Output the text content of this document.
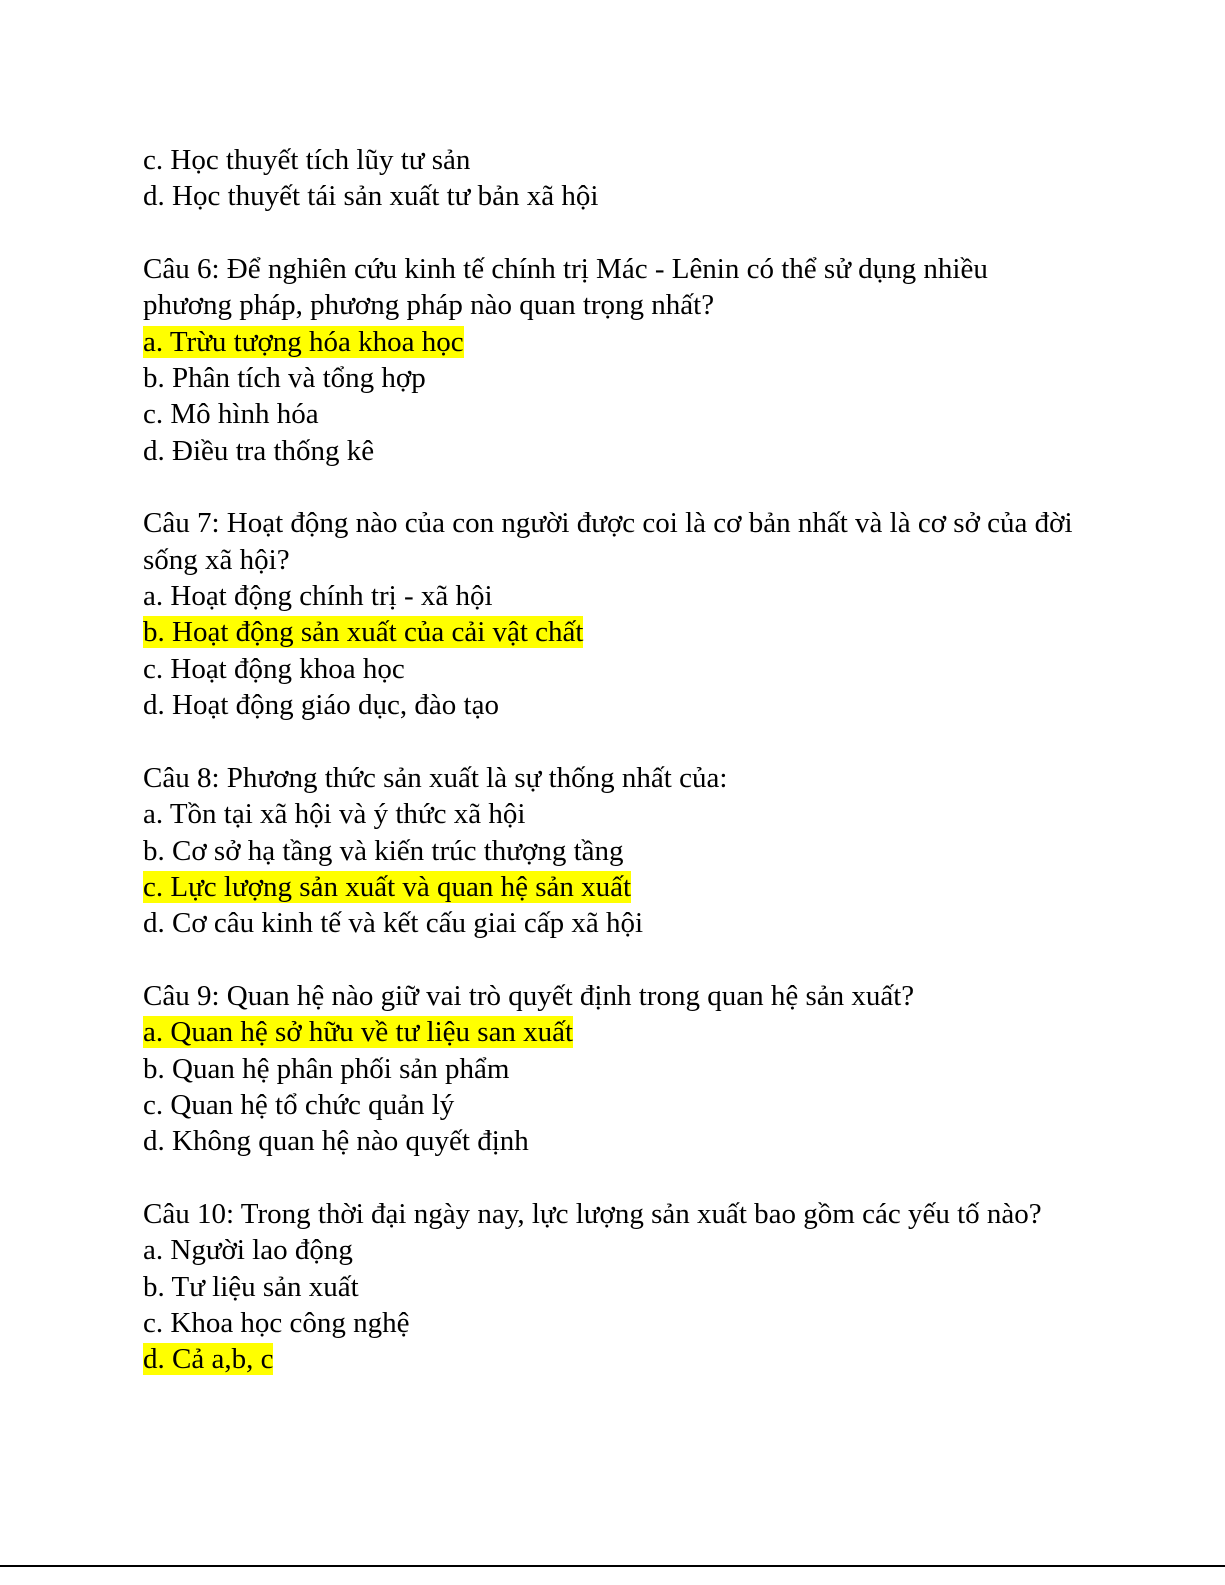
c. Học thuyết tích lũy tư sản
d. Học thuyết tái sản xuất tư bản xã hội
Câu 6: Để nghiên cứu kinh tế chính trị Mác - Lênin có thể sử dụng nhiều phương pháp, phương pháp nào quan trọng nhất?
a. Trừu tượng hóa khoa học
b. Phân tích và tổng hợp
c. Mô hình hóa
d. Điều tra thống kê
Câu 7: Hoạt động nào của con người được coi là cơ bản nhất và là cơ sở của đời sống xã hội?
a. Hoạt động chính trị - xã hội
b. Hoạt động sản xuất của cải vật chất
c. Hoạt động khoa học
d. Hoạt động giáo dục, đào tạo
Câu 8: Phương thức sản xuất là sự thống nhất của:
a. Tồn tại xã hội và ý thức xã hội
b. Cơ sở hạ tầng và kiến trúc thượng tầng
c. Lực lượng sản xuất và quan hệ sản xuất
d. Cơ câu kinh tế và kết cấu giai cấp xã hội
Câu 9: Quan hệ nào giữ vai trò quyết định trong quan hệ sản xuất?
a. Quan hệ sở hữu về tư liệu san xuất
b. Quan hệ phân phối sản phẩm
c. Quan hệ tổ chức quản lý
d. Không quan hệ nào quyết định
Câu 10: Trong thời đại ngày nay, lực lượng sản xuất bao gồm các yếu tố nào?
a. Người lao động
b. Tư liệu sản xuất
c. Khoa học công nghệ
d. Cả a,b, c
